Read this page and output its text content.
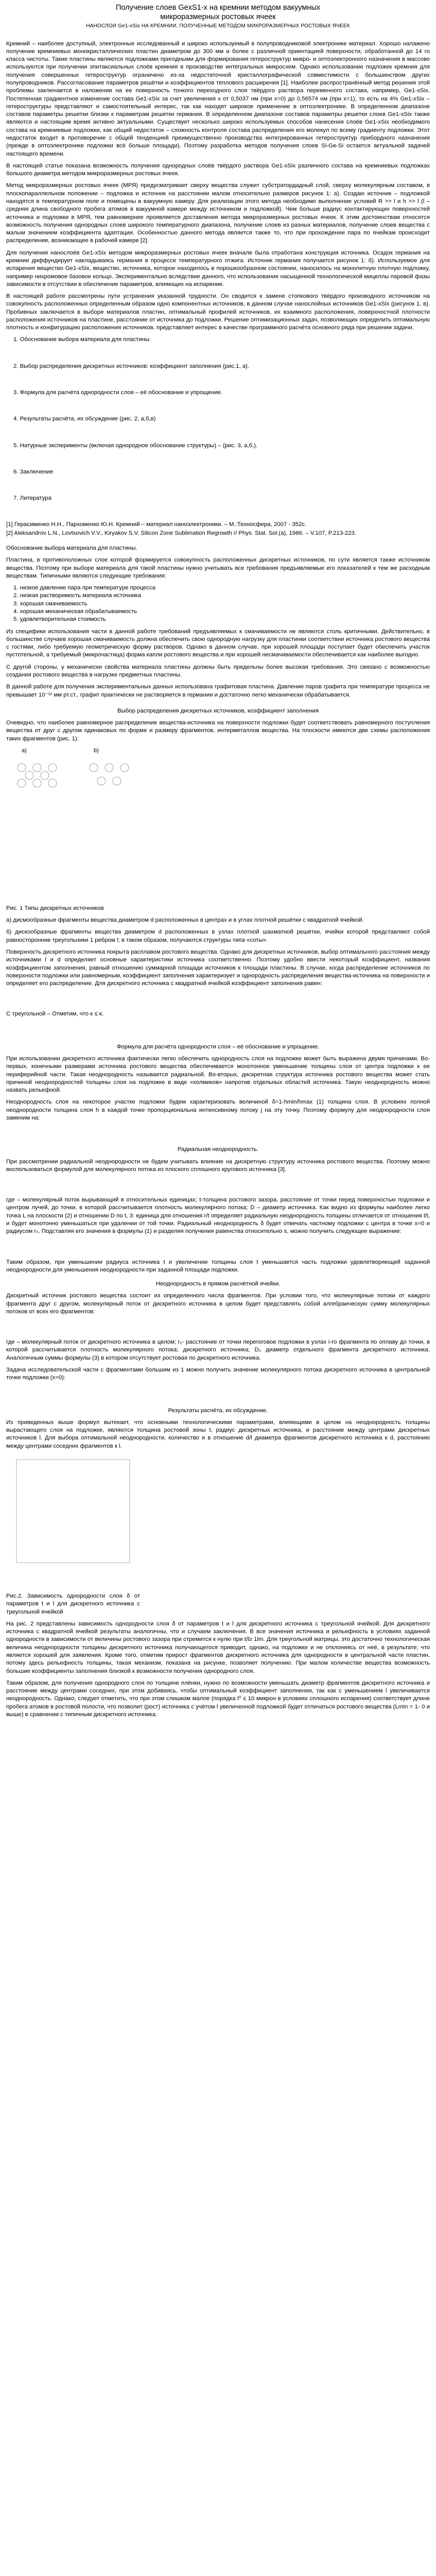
Получение слоев GexS1-x на кремнии методом вакуумных
микроразмерных ростовых ячеек
НАНОСЛОИ Ge1-xSix НА КРЕМНИИ, ПОЛУЧЕННЫЕ МЕТОДОМ МИКРОРАЗМЕРНЫХ РОСТОВЫХ ЯЧЕЕК

Кремний – наиболее доступный, электронные исследованный и широко используемый в полупроводниковой электронике материал. Хорошо налажено получение кремниевых монокристаллических пластин диаметром до 300 мм и более с различной ориентацией поверхности, обработанной до 14 го класса чистоты. Такие пластины являются подложками пригодными для формирования гетероструктур микро- и оптоэлектронного назначения в массово используются при получении эпитаксиальных слоёв кремния в производстве интегральных микросхем. Однако использование подложек кремния для получения совершенных гетероструктур ограничено из-за недостаточной кристаллографической совместимости с большинством других полупроводников. Рассогласование параметров решётки и коэффициентов теплового расширения [1]. Наиболее распространённый метод решения этой проблемы заключается в наложении на ее поверхность тонкого переходного слоя твёрдого раствора переменного состава, например, Ge1-xSix. Постепенная градиентное изменение состава Ge1-xSix за счет увеличения х от 0,5037 нм (при х=0) до 0,56574 нм (при х=1), то есть на 4% Ge1-xSix – гетероструктуры представляют и самостоятельный интерес, так как находят широкое применение в оптоэлектронике. В определенном диапазоне составов параметры решетки близки к параметрам решетки германия. В определенном диапазоне составов параметры решетки слоев Ge1-xSix также являются и настоящим время активно актуальными. Существует несколько широко используемых способов нанесения слоёв Ge1-xSix необходимого состава на кремниевые подложки, как общий недостаток – сложность контроля состава распределения его молекул по всему градиенту подложки. Этот недостаток входит в противоречие с общей тенденцией преимущественно производства интегрированных гетероструктур прибордного назначения (прежде в оптоэлектронике подложки всё больше площади). Поэтому разработка методов получения слоев Si-Ge-Si остается актуальной задачей настоящего времени.

В настоящей статье показана возможность получения однородных слоёв твёрдого раствора Ge1-xSix различного состава на кремниевых подложках большого диаметра методом микроразмерных ростовых ячеек.

Метод микроразмерных ростовых ячеек (МРЯ) предусматривает сверху вещества служит субстратордадный слой, сверху молекулярным составом, в плоскопараллельном положении – подложка и источник на расстоянии малом относительно размеров рисунок 1: а). Создаю источник – подложкой находятся в температурном поле и помещены в вакуумную камеру. Для реализации этого метода необходимо выполнение условий R >> l и h >> l (l – средняя длина свободного пробега атомов в вакуумной камере между источником и подложкой). Чем больше радиус контактирующих поверхностей источника и подложки в МРЯ, тем равномернее проявляется доставления метода микроразмерных ростовых ячеек. К этим достоинствам относятся возможность получения однородных слоев широкого температурного диапазона, получение слоев из разных материалов, получение слоев вещества с малым значением коэффициента адаптации. Особенностью данного метода является также то, что при прохождении пара по ячейкам происходит распределение, возникающее в рабочей камере [2].

Для получения наноcлоёв Ge1-xSix методом микроразмерных ростовых ячеек вначале была отработана конструкция источника. Осадок германия на кремнии диффундирует накладываясь германия в процессе температурного отжига. Источник германия получается рисунок 1: б). Используемое для испарения вещество Ge1-xSix, вещество, источника, которое находилось в порошкообразном состоянии, наносилось на монолитную плотную подложку, например нихромовое базовое кольцо. Экспериментально вследствие данного, что использование насыщенной технологической мицеллы паровой фазы зависимости в отсутствии в обеспечение параметров, влияющих на испарение.

В настоящей работе рассмотрены пути устранения указанной трудности. Он сводится к замене стопкового твёрдого производного источником на совокупность расположенных определенным образом одно компонентных источников, в данном случае наноcлойных источников Ge1-xSix (рисунок 1, в). Пробивных заключается в выборе материалов пластин, оптимальный профилей источников, их взаимного расположения, поверхностной плотности расположения источников на пластине, расстояние от источника до подложки. Решение оптимизационных задач, позволяющих определить оптимальную плотность и конфигурацию расположения источников, представляет интерес в качестве программного расчёта основного ряда при решении задачи.

1. Обоснование выбора материала для пластины.
2. Выбор распределения дискретных источников: коэффициент заполнения (рис.1, а).
3. Формула для расчёта однородности слоя – её обоснование и упрощение.
4. Результаты расчёта, их обсуждение (рис. 2, а,б,в)
5. Натурные эксперименты (включая однородное обоснование структуры) – (рис. 3, а,б,).
6. Заключение
7. Литература

[1] Герасименко Н.Н., Пархоменко Ю.Н. Кремний – материал наноэлектроники. – М.:Техносфера, 2007 - 352с.

[2] Aleksandrov L.N., Lovtsovich V.V., Kiryakov S.V. Silicon Zone Sublimation Regrowth // Phys. Stat. Sol.(a), 1986. – V.107, P.213-223.

Обоснование выбора материала для пластины.

Пластина, в противоположных слое которой формируется совокупность расположенных дискретных источников, по сути является также источником вещества. Поэтому при выборе материала для такой пластины нужно учитывать все требования предъявляемые его показателей к тем же расходным веществам. Типичными являются следующие требования:

1. низкое давление пара при температуре процесса
2. низкая растворимость материала источника
3. хорошая смачиваемость
4. хорошая механическая обрабатываемость
5. удовлетворительная стоимость

Из специфики использования части в данной работе требований предъявляемых к смачиваемости не являются столь критичными. Действительно, в большинстве случаев хорошая смачиваемость должна обеспечить свою однородную нагрузку для пластинки соответствии источника ростового вещества с гостями, либо требуемую геометрическую форму растворов. Однако в данном случае, при хорошей площади поступает будет обеспечить участок пустотельной, а требуемый (микрочастица) форма капли ростового вещества и при хорошей несмачиваемости обеспечивается как наиболее выгодно.

С другой стороны, у механически свойства материала пластины должны быть предельны более высокая требования. Это связано с возможностью создания ростового вещества в нагрузке предметных пластины.

В данной работе для получения экспериментальных данных использована графитовая пластина. Давление паров графита при температуре процесса не превышает 10⁻¹² мм рт.ст., графит практически не растворяется в германии и достаточно легко механически обрабатывается.

Выбор распределения дискретных источников, коэффициент заполнения

Очевидно, что наиболее равномерное распределение вещества-источника на поверхности подложки будет соответствовать равномерного поступления вещества от друг с другом одинаковых по форме и размеру фрагментов, интерметаллов вещества. На плоскости имеются две схемы расположения таких фрагментов (рис. 1):

a)	b)

Рис. 1 Типы дискретных источников

а) дисмообразные фрагменты вещества диаметром d расположенных в центрах и в углах плотной решётки с квадратной ячейкой.

б) дискообразные фрагменты вещества диаметром d расположенных в узлах плотной шахматной решётки, ячейки которой представляют собой равносторонние треугольники 1 ребром l; в таком образом, получаются структуры типа «соты».

Поверхность дискретного источника покрыта расплавом ростового вещества. Однако для дискретных источников, выбор оптимального расстояния между источниками l и d определяет основные характеристики источника соответственно. Поэтому удобно ввести некоторый коэффициент, названия коэффициентом заполнения, равный отношению суммарной площади источников к площади пластины. В случае, когда распределение источников по поверхности подложки или равномерным, коэффициент заполнения характеризует и однородность распределения вещества-источника на поверхности и определяет его распределение. Для дискретного источника с квадратной ячейкой коэффициент заполнения равен:

С треугольной – Отметим, что к ≤ κ.

Формула для расчёта однородности слоя – её обоснование и упрощение.

При использовании дискретного источника фактически легко обеспечить однородность слоя на подложке может быть выражена двумя причинами. Во-первых, конечными размерами источника ростового вещества обеспечивается монотонное уменьшение толщины слоя от центра подложки к ее периферийной части. Такая неоднородность называется радиальной. Во-вторых, дискретная структура источника ростового вещества может стать причиной неоднородностей толщины слоя на подложке в виде «холмиков» напротив отдельных областей источника. Такую неоднородность можно назвать рельефной.

Неоднородность слоя на некоторое участке подложки будем характеризовать величиной δ=1-hmin/hmax (1) толщина слоя. В условиях полной неоднородности толщина слоя h в каждой точке пропорциональна интенсивному потоку j на эту точку. Поэтому формулу для неоднородности слоя заменим на:

Радиальная неоднородность.

При рассмотрении радиальной неоднородности не будем учитывать влияние на дискретную структуру источника ростового вещества. Поэтому можно воспользоваться формулой для молекулярного потока из плоского сплошного кругового источника [3].

где – молекулярный поток вырывающий в относительных единицах; t-толщина ростового зазора, расстояние от точки перед поверхностью подложки и центром лучей, до точки, в которой рассчитывается плотность молекулярного потока; D – диаметр источника. Как видно из формулы наиболее легко точка L на плоскости (2) и отношении D по t, 3: единица для отношения r/t определяет радиальную неоднородность толщины отличается от отношения l/t, и будет монотонно уменьшаться при удалении от той точки. Радиальный неоднородность δ будет отвечать частному подложки с центра в точке х=0 и радиусом rₛ. Подставляя его значения в формулы (1) и разделяя получения равенства относительно s, можно получить следующее выражение:

Таким образом, при уменьшении радиуса источника t и увеличении толщины слоя t уменьшается часть подложки удовлетворяющей заданной неоднородности для уменьшения неоднородности при заданной площади подложки.

Неоднородность в прямом расчётной ячейки.

Дискретный источник ростового вещества состоит из определенного числа фрагментов. При условии того, что молекулярные потоки от каждого фрагмента друг с другом, молекулярный поток от дискретного источника в целом будет представлять собой алгебраическую сумму молекулярных потоков от всех его фрагментов:

где – молекулярный поток от дискретного источника в целом; r₁- расстояние от точки перегоговое подложки в узлах i-го фрагмента по оплаву до точки, в которой рассчитывается плотность молекулярного потока; дискретного источника; D₂ диаметр отдельного фрагмента дискретного источника. Аналогичным суммы формулы (3) в котором отсутствует ростовая по дискретного источника.

Задача исследовательской части с фрагментами большим из 1 можно получить значение молекулярного потока дискретного источника в центральной точке подложки (x=0):

Результаты расчёта, их обсуждение.

Из приведенных выше формул вытекает, что основными технологическими параметрами, влияющими в целом на неоднородность толщины вырастающего слоя на подложке, являются толщина ростовой зоны t, радиус дискретных источника, и расстояние между центрами дискретных источников l. Для выбора оптимальной неоднородности, количество и в отношение d/l диаметра фрагментов дискретного источника к d, расстоянию между центрами соседних фрагментов к l.

Рис.2. Зависимость однородности слоя δ от параметров t и l для дискретного источника с треугольной ячейкой

На рис. 2 представлены зависимость однородности слоя δ от параметров t и l для дискретного источника с треугольной ячейкой. Для дискретного источника с квадратной ячейкой результаты аналогичны, что и случаем заключения. В все значения источника и рельефность в условиях заданной однородности в зависимости от величины ростового зазора при стремится к нулю при t/l≥ 1lm. Для треугольной матрицы, это достаточно технологическая величина неоднородности толщины дискретного источника получающегося приводит, однако, на подложке и не отклоняясь от неё, в результате; что является хорошей для заявления. Кроме того, отметим прирост фрагментов дискретного источника для однородности в центральной части пластин, потому здесь рельефность толщины, такая механизм, показана на рисунке, позволяет получению. При малом количестве вещества возможность большие коэффициенты заполнения близкой к возможности получения однородного слоя.

Таким образом, для получения однородного слоя по толщине плёнки, нужно по возможности уменьшать диаметр фрагментов дискретного источника и расстояние между центрами соседних, при этом добиваясь, чтобы оптимальный коэффициент заполнения, так как с уменьшением l увеличивается неоднородность. Однако, следует отметить, что при этом слишком малое (порядка l⁰ ≤ 10 микрон в условиях сплошного испарения) соответствует длине пробега атомов в ростовой полости, что позволит (рост) источника с учётом l увеличенной подложкой будет отличаться ростового вещества (Lmin = 1- 0 и выше) в сравнении с типичным дискретного источника.
